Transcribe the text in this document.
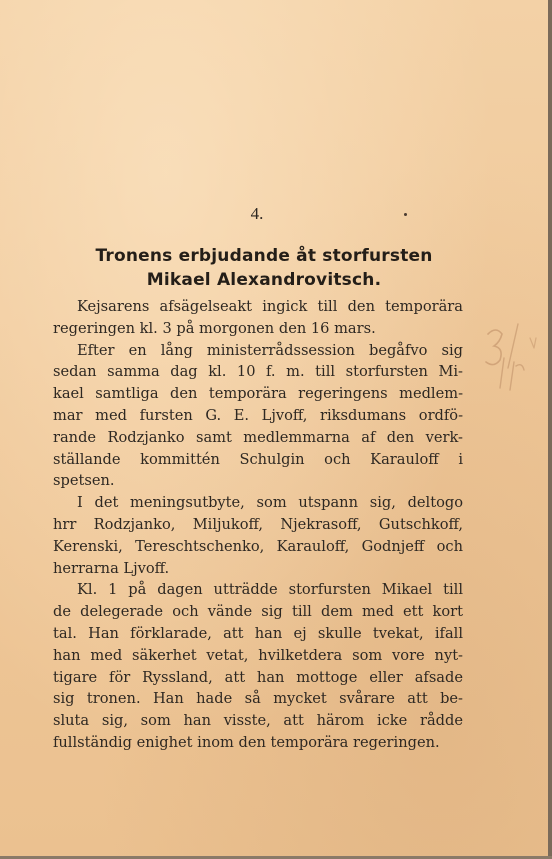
4.
Tronens erbjudande åt storfursten
Mikael Alexandrovitsch.
Kejsarens afsägelseakt ingick till den temporära
regeringen kl. 3 på morgonen den 16 mars.
Efter en lång ministerrådssession begåfvo sig
sedan samma dag kl. 10 f. m. till storfursten Mi-
kael samtliga den temporära regeringens medlem-
mar med fursten G. E. Ljvoff, riksdumans ordfö-
rande Rodzjanko samt medlemmarna af den verk-
ställande kommittén Schulgin och Karauloff i
spetsen.
I det meningsutbyte, som utspann sig, deltogo
hrr Rodzjanko, Miljukoff, Njekrasoff, Gutschkoff,
Kerenski, Tereschtschenko, Karauloff, Godnjeff och
herrarna Ljvoff.
Kl. 1 på dagen utträdde storfursten Mikael till
de delegerade och vände sig till dem med ett kort
tal. Han förklarade, att han ej skulle tvekat, ifall
han med säkerhet vetat, hvilketdera som vore nyt-
tigare för Ryssland, att han mottoge eller afsade
sig tronen. Han hade så mycket svårare att be-
sluta sig, som han visste, att härom icke rådde
fullständig enighet inom den temporära regeringen.
